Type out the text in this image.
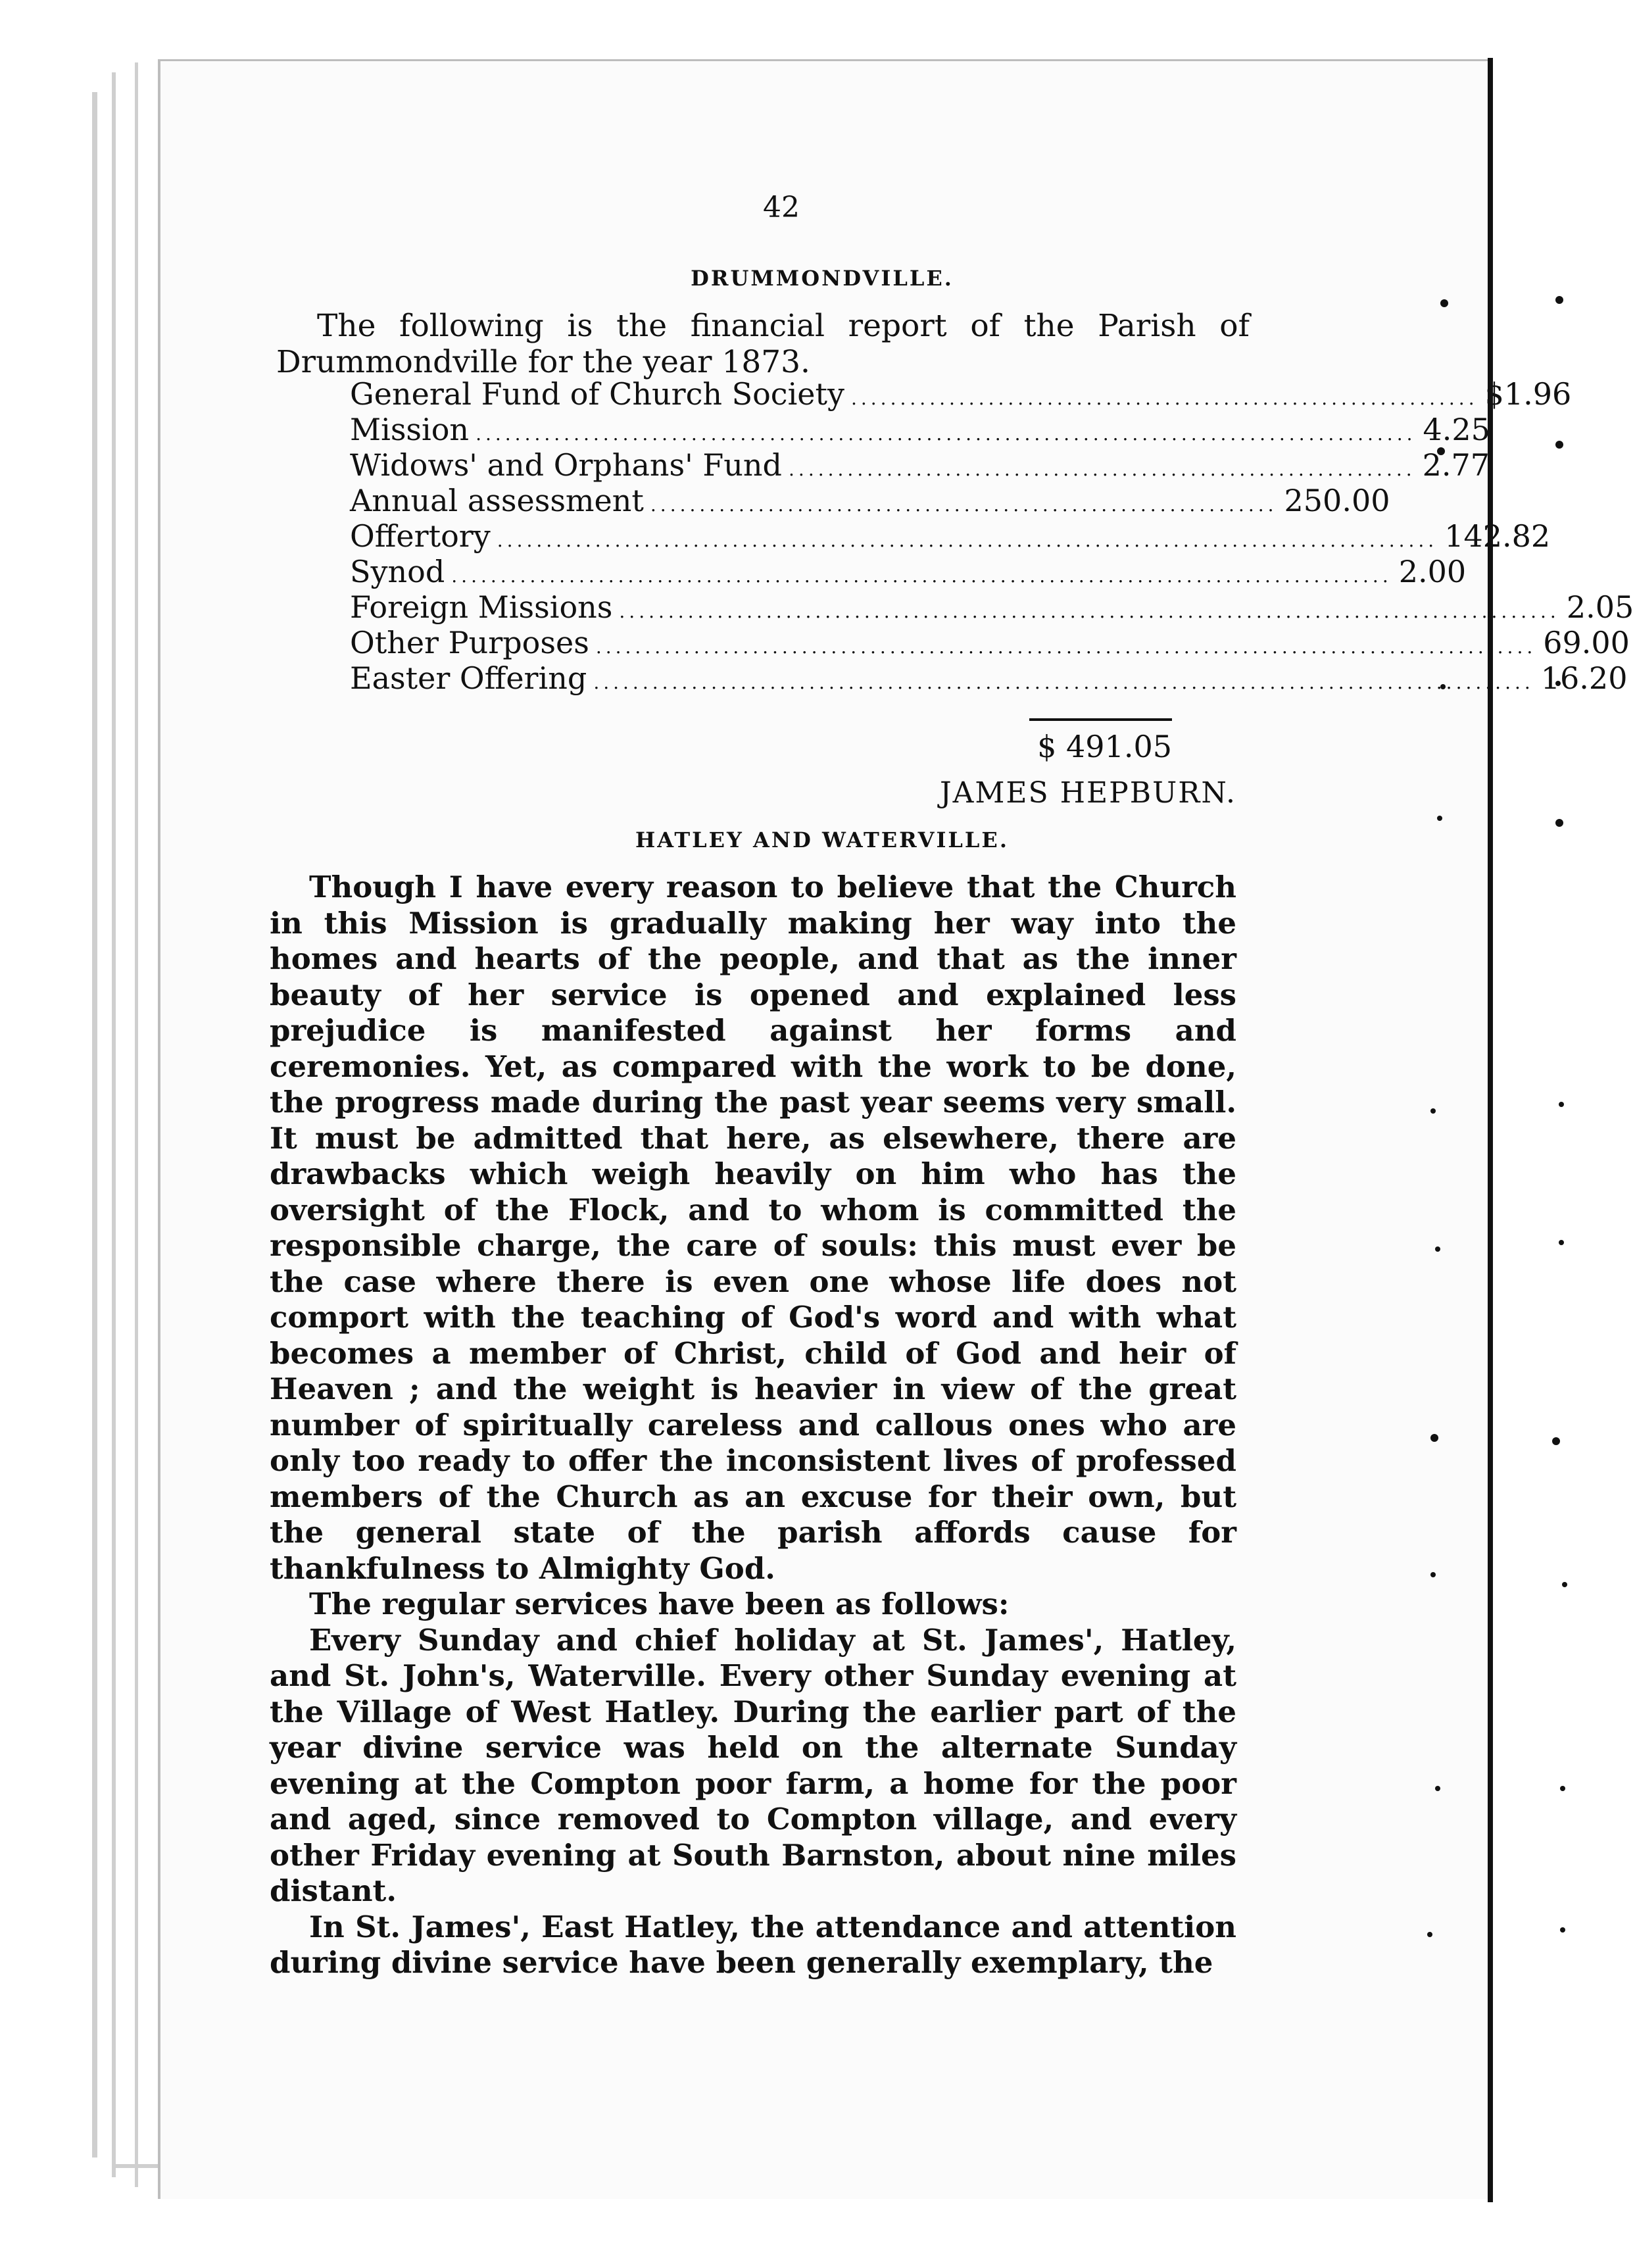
42
DRUMMONDVILLE.

The following is the financial report of the Parish of Drummondville for the year 1873.

General Fund of Church Society ................................................................ $ 1.96
Mission ................................................................................................ 4.25
Widows' and Orphans' Fund ................................................................ 2.77
Annual assessment ................................................................ 250.00
Offertory ................................................................................................ 142.82
Synod ................................................................................................ 2.00
Foreign Missions ................................................................................................ 2.05
Other Purposes ................................................................................................ 69.00
Easter Offering ................................................................................................ 16.20
$ 491.05
JAMES HEPBURN.
HATLEY AND WATERVILLE.

Though I have every reason to believe that the Church in this Mission is gradually making her way into the homes and hearts of the people, and that as the inner beauty of her service is opened and explained less prejudice is manifested against her forms and ceremonies. Yet, as compared with the work to be done, the progress made during the past year seems very small. It must be admitted that here, as elsewhere, there are drawbacks which weigh heavily on him who has the oversight of the Flock, and to whom is committed the responsible charge, the care of souls: this must ever be the case where there is even one whose life does not comport with the teaching of God's word and with what becomes a member of Christ, child of God and heir of Heaven ; and the weight is heavier in view of the great number of spiritually careless and callous ones who are only too ready to offer the inconsistent lives of professed members of the Church as an excuse for their own, but the general state of the parish affords cause for thankfulness to Almighty God.

The regular services have been as follows:

Every Sunday and chief holiday at St. James', Hatley, and St. John's, Waterville. Every other Sunday evening at the Village of West Hatley. During the earlier part of the year divine service was held on the alternate Sunday evening at the Compton poor farm, a home for the poor and aged, since removed to Compton village, and every other Friday evening at South Barnston, about nine miles distant.

In St. James', East Hatley, the attendance and attention during divine service have been generally exemplary, the
